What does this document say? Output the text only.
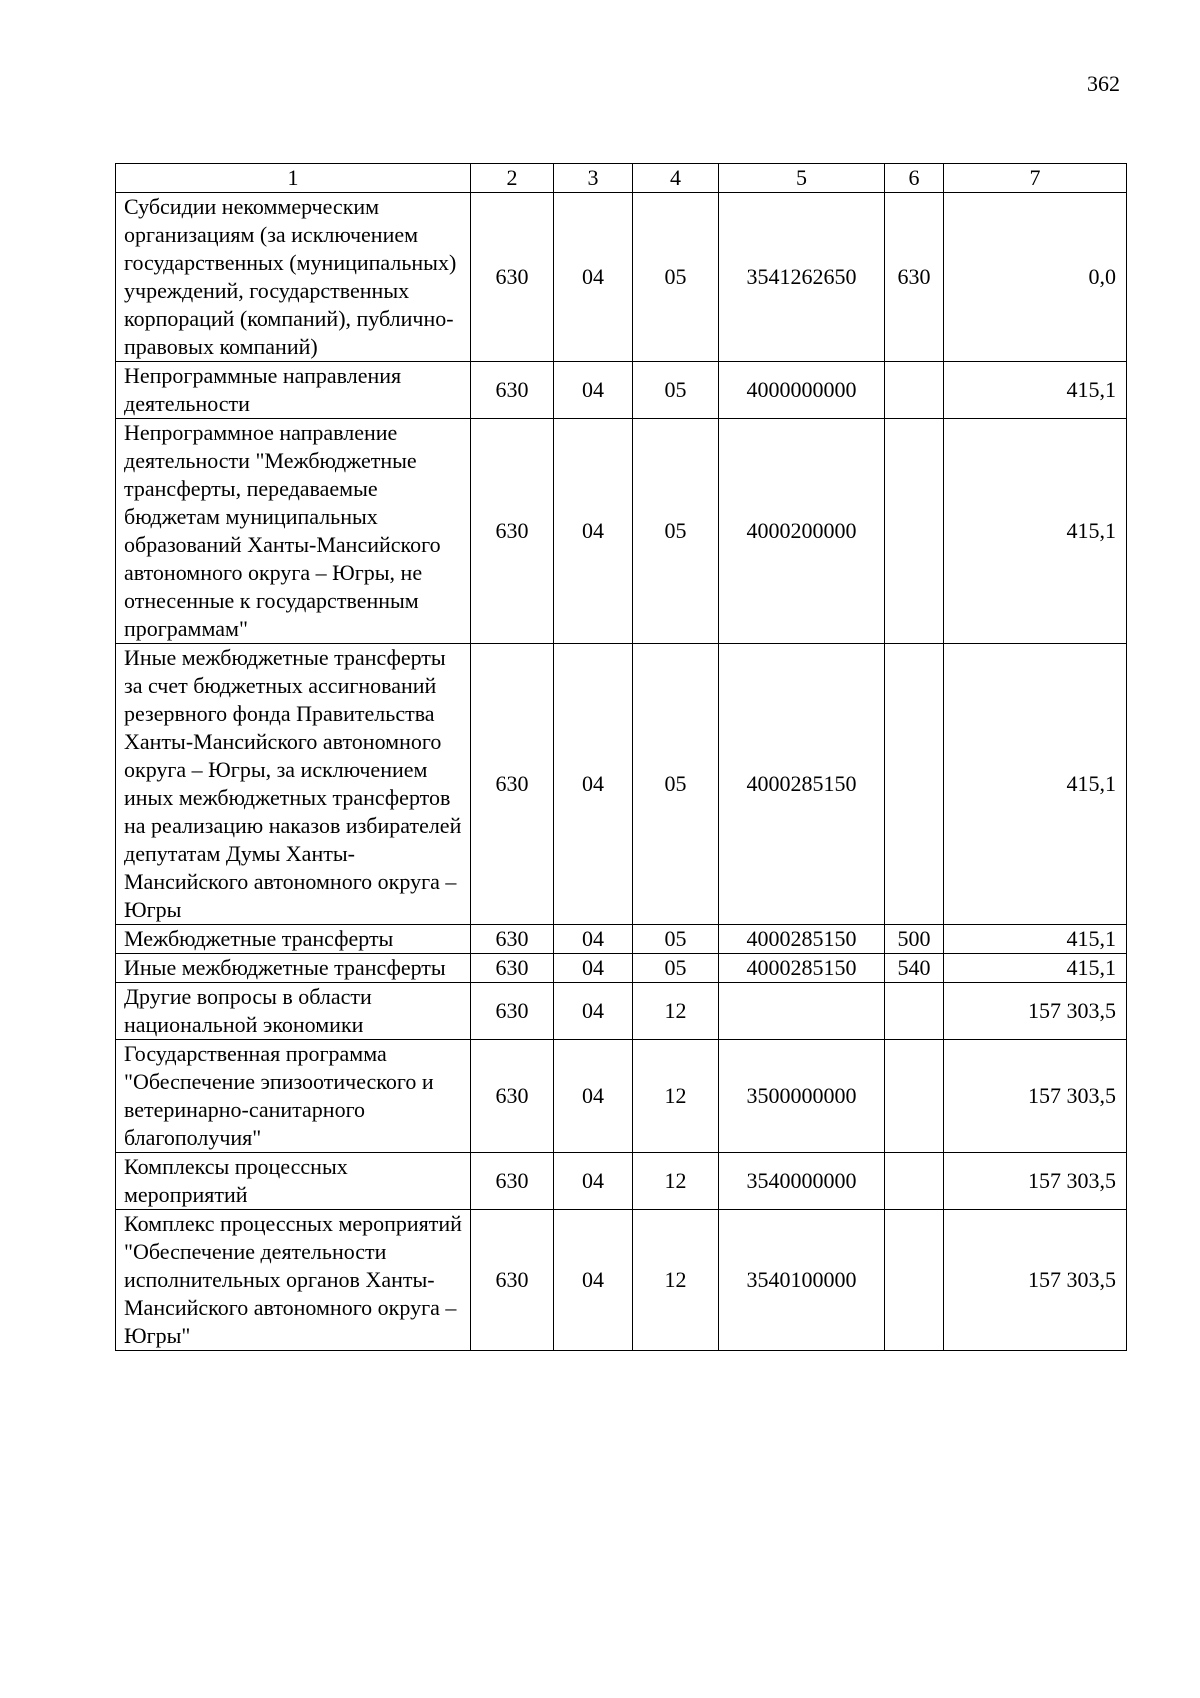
362
1	2	3	4	5	6	7
Субсидии некоммерческим организациям (за исключением государственных (муниципальных) учреждений, государственных корпораций (компаний), публично-правовых компаний)	630	04	05	3541262650	630	0,0
Непрограммные направления деятельности	630	04	05	4000000000		415,1
Непрограммное направление деятельности "Межбюджетные трансферты, передаваемые бюджетам муниципальных образований Ханты-Мансийского автономного округа – Югры, не отнесенные к государственным программам"	630	04	05	4000200000		415,1
Иные межбюджетные трансферты за счет бюджетных ассигнований резервного фонда Правительства Ханты-Мансийского автономного округа – Югры, за исключением иных межбюджетных трансфертов на реализацию наказов избирателей депутатам Думы Ханты-Мансийского автономного округа – Югры	630	04	05	4000285150		415,1
Межбюджетные трансферты	630	04	05	4000285150	500	415,1
Иные межбюджетные трансферты	630	04	05	4000285150	540	415,1
Другие вопросы в области национальной экономики	630	04	12			157 303,5
Государственная программа "Обеспечение эпизоотического и ветеринарно-санитарного благополучия"	630	04	12	3500000000		157 303,5
Комплексы процессных мероприятий	630	04	12	3540000000		157 303,5
Комплекс процессных мероприятий "Обеспечение деятельности исполнительных органов Ханты-Мансийского автономного округа – Югры"	630	04	12	3540100000		157 303,5
